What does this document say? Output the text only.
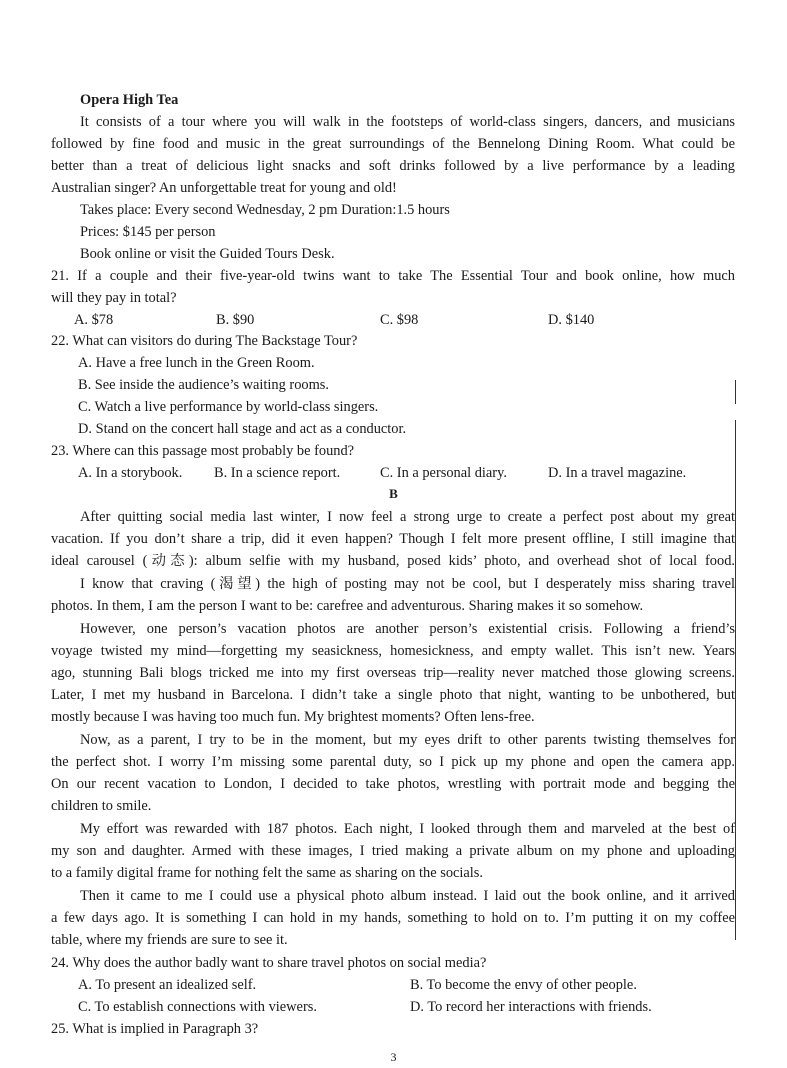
Opera High Tea
It consists of a tour where you will walk in the footsteps of world-class singers, dancers, and musicians
followed by fine food and music in the great surroundings of the Bennelong Dining Room. What could be
better than a treat of delicious light snacks and soft drinks followed by a live performance by a leading
Australian singer? An unforgettable treat for young and old!
Takes place: Every second Wednesday, 2 pm Duration:1.5 hours
Prices: $145 per person
Book online or visit the Guided Tours Desk.
21. If a couple and their five-year-old twins want to take The Essential Tour and book online, how much
will they pay in total?
A. $78	B. $90	C. $98	D. $140
22. What can visitors do during The Backstage Tour?
A. Have a free lunch in the Green Room.
B. See inside the audience’s waiting rooms.
C. Watch a live performance by world-class singers.
D. Stand on the concert hall stage and act as a conductor.
23. Where can this passage most probably be found?
A. In a storybook. B. In a science report.	C. In a personal diary.	D. In a travel magazine.
B
After quitting social media last winter, I now feel a strong urge to create a perfect post about my great
vacation. If you don’t share a trip, did it even happen? Though I felt more present offline, I still imagine that
ideal carousel (动态): album selfie with my husband, posed kids’ photo, and overhead shot of local food.
I know that craving (渴望) the high of posting may not be cool, but I desperately miss sharing travel
photos. In them, I am the person I want to be: carefree and adventurous. Sharing makes it so somehow.
However, one person’s vacation photos are another person’s existential crisis. Following a friend’s
voyage twisted my mind—forgetting my seasickness, homesickness, and empty wallet. This isn’t new. Years
ago, stunning Bali blogs tricked me into my first overseas trip—reality never matched those glowing screens.
Later, I met my husband in Barcelona. I didn’t take a single photo that night, wanting to be unbothered, but
mostly because I was having too much fun. My brightest moments? Often lens-free.
Now, as a parent, I try to be in the moment, but my eyes drift to other parents twisting themselves for
the perfect shot. I worry I’m missing some parental duty, so I pick up my phone and open the camera app.
On our recent vacation to London, I decided to take photos, wrestling with portrait mode and begging the
children to smile.
My effort was rewarded with 187 photos. Each night, I looked through them and marveled at the best of
my son and daughter. Armed with these images, I tried making a private album on my phone and uploading
to a family digital frame for nothing felt the same as sharing on the socials.
Then it came to me I could use a physical photo album instead. I laid out the book online, and it arrived
a few days ago. It is something I can hold in my hands, something to hold on to. I’m putting it on my coffee
table, where my friends are sure to see it.
24. Why does the author badly want to share travel photos on social media?
A. To present an idealized self.	B. To become the envy of other people.
C. To establish connections with viewers.	D. To record her interactions with friends.
25. What is implied in Paragraph 3?
3
